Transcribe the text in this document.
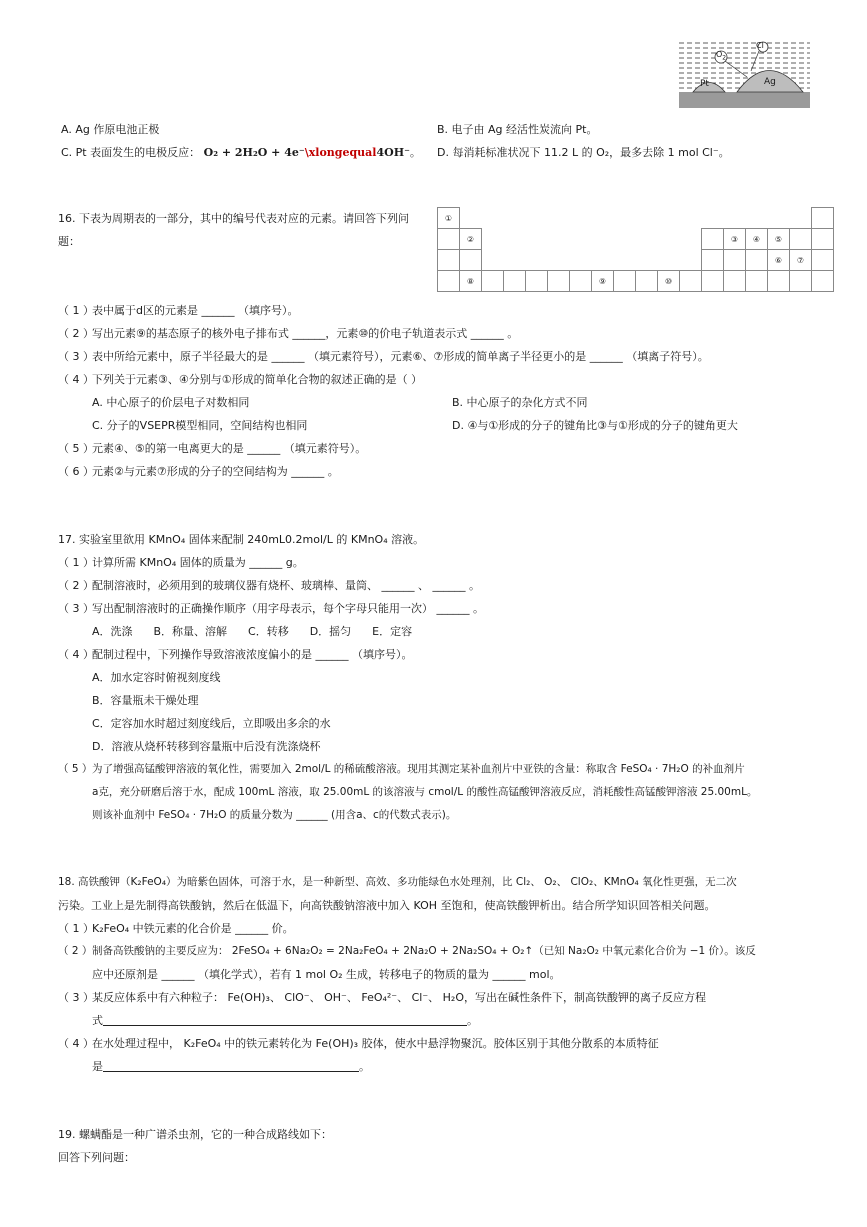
$O_2$
Cl
Pt	Ag
A. Ag 作原电池正极	B. 电子由 Ag 经活性炭流向 Pt。
C. Pt 表面发生的电极反应： O₂ + 2H₂O + 4e⁻\xlongequal4OH⁻。 D. 每消耗标准状况下 11.2 L 的 O₂，最多去除 1 mol Cl⁻。
16. 下表为周期表的一部分，其中的编号代表对应的元素。请回答下列问
题：
①																	
	②												③	④	⑤		
															⑥	⑦	
	⑧						⑨			⑩							
（ 1 ）表中属于d区的元素是 ______ （填序号）。
（ 2 ）写出元素⑨的基态原子的核外电子排布式 ______，元素⑩的价电子轨道表示式 ______ 。
（ 3 ）表中所给元素中，原子半径最大的是 ______ （填元素符号），元素⑥、⑦形成的简单离子半径更小的是 ______ （填离子符号）。
（ 4 ）下列关于元素③、④分别与①形成的简单化合物的叙述正确的是（ ）
A. 中心原子的价层电子对数相同	B. 中心原子的杂化方式不同
C. 分子的VSEPR模型相同，空间结构也相同	D. ④与①形成的分子的键角比③与①形成的分子的键角更大
（ 5 ）元素④、⑤的第一电离更大的是 ______ （填元素符号）。
（ 6 ）元素②与元素⑦形成的分子的空间结构为 ______ 。
17. 实验室里欲用 KMnO₄ 固体来配制 240mL0.2mol/L 的 KMnO₄ 溶液。
（ 1 ）计算所需 KMnO₄ 固体的质量为 ______ g。
（ 2 ）配制溶液时，必须用到的玻璃仪器有烧杯、玻璃棒、量筒、 ______ 、 ______ 。
（ 3 ）写出配制溶液时的正确操作顺序（用字母表示，每个字母只能用一次） ______ 。
A．洗涤      B．称量、溶解      C．转移      D．摇匀      E．定容
（ 4 ）配制过程中，下列操作导致溶液浓度偏小的是 ______ （填序号）。
A．加水定容时俯视刻度线
B．容量瓶未干燥处理
C．定容加水时超过刻度线后，立即吸出多余的水
D．溶液从烧杯转移到容量瓶中后没有洗涤烧杯
（ 5 ）为了增强高锰酸钾溶液的氧化性，需要加入 2mol/L 的稀硫酸溶液。现用其测定某补血剂片中亚铁的含量：称取含 FeSO₄ · 7H₂O 的补血剂片
a克，充分研磨后溶于水，配成 100mL 溶液，取 25.00mL 的该溶液与 cmol/L 的酸性高锰酸钾溶液反应，消耗酸性高锰酸钾溶液 25.00mL。
则该补血剂中 FeSO₄ · 7H₂O 的质量分数为 ______ (用含a、c的代数式表示)。
18. 高铁酸钾（K₂FeO₄）为暗紫色固体，可溶于水，是一种新型、高效、多功能绿色水处理剂，比 Cl₂、 O₂、 ClO₂、KMnO₄ 氧化性更强，无二次
污染。工业上是先制得高铁酸钠，然后在低温下，向高铁酸钠溶液中加入 KOH 至饱和，使高铁酸钾析出。结合所学知识回答相关问题。
（ 1 ）K₂FeO₄ 中铁元素的化合价是 ______ 价。
（ 2 ）制备高铁酸钠的主要反应为： 2FeSO₄ + 6Na₂O₂ = 2Na₂FeO₄ + 2Na₂O + 2Na₂SO₄ + O₂↑（已知 Na₂O₂ 中氧元素化合价为 −1 价）。该反
应中还原剂是 ______ （填化学式），若有 1 mol O₂ 生成，转移电子的物质的量为 ______ mol。
（ 3 ）某反应体系中有六种粒子： Fe(OH)₃、 ClO⁻、 OH⁻、 FeO₄²⁻、 Cl⁻、 H₂O，写出在碱性条件下，制高铁酸钾的离子反应方程
式	。
（ 4 ）在水处理过程中， K₂FeO₄ 中的铁元素转化为 Fe(OH)₃ 胶体，使水中悬浮物聚沉。胶体区别于其他分散系的本质特征
是	。
19. 螺螨酯是一种广谱杀虫剂，它的一种合成路线如下：
回答下列问题：
